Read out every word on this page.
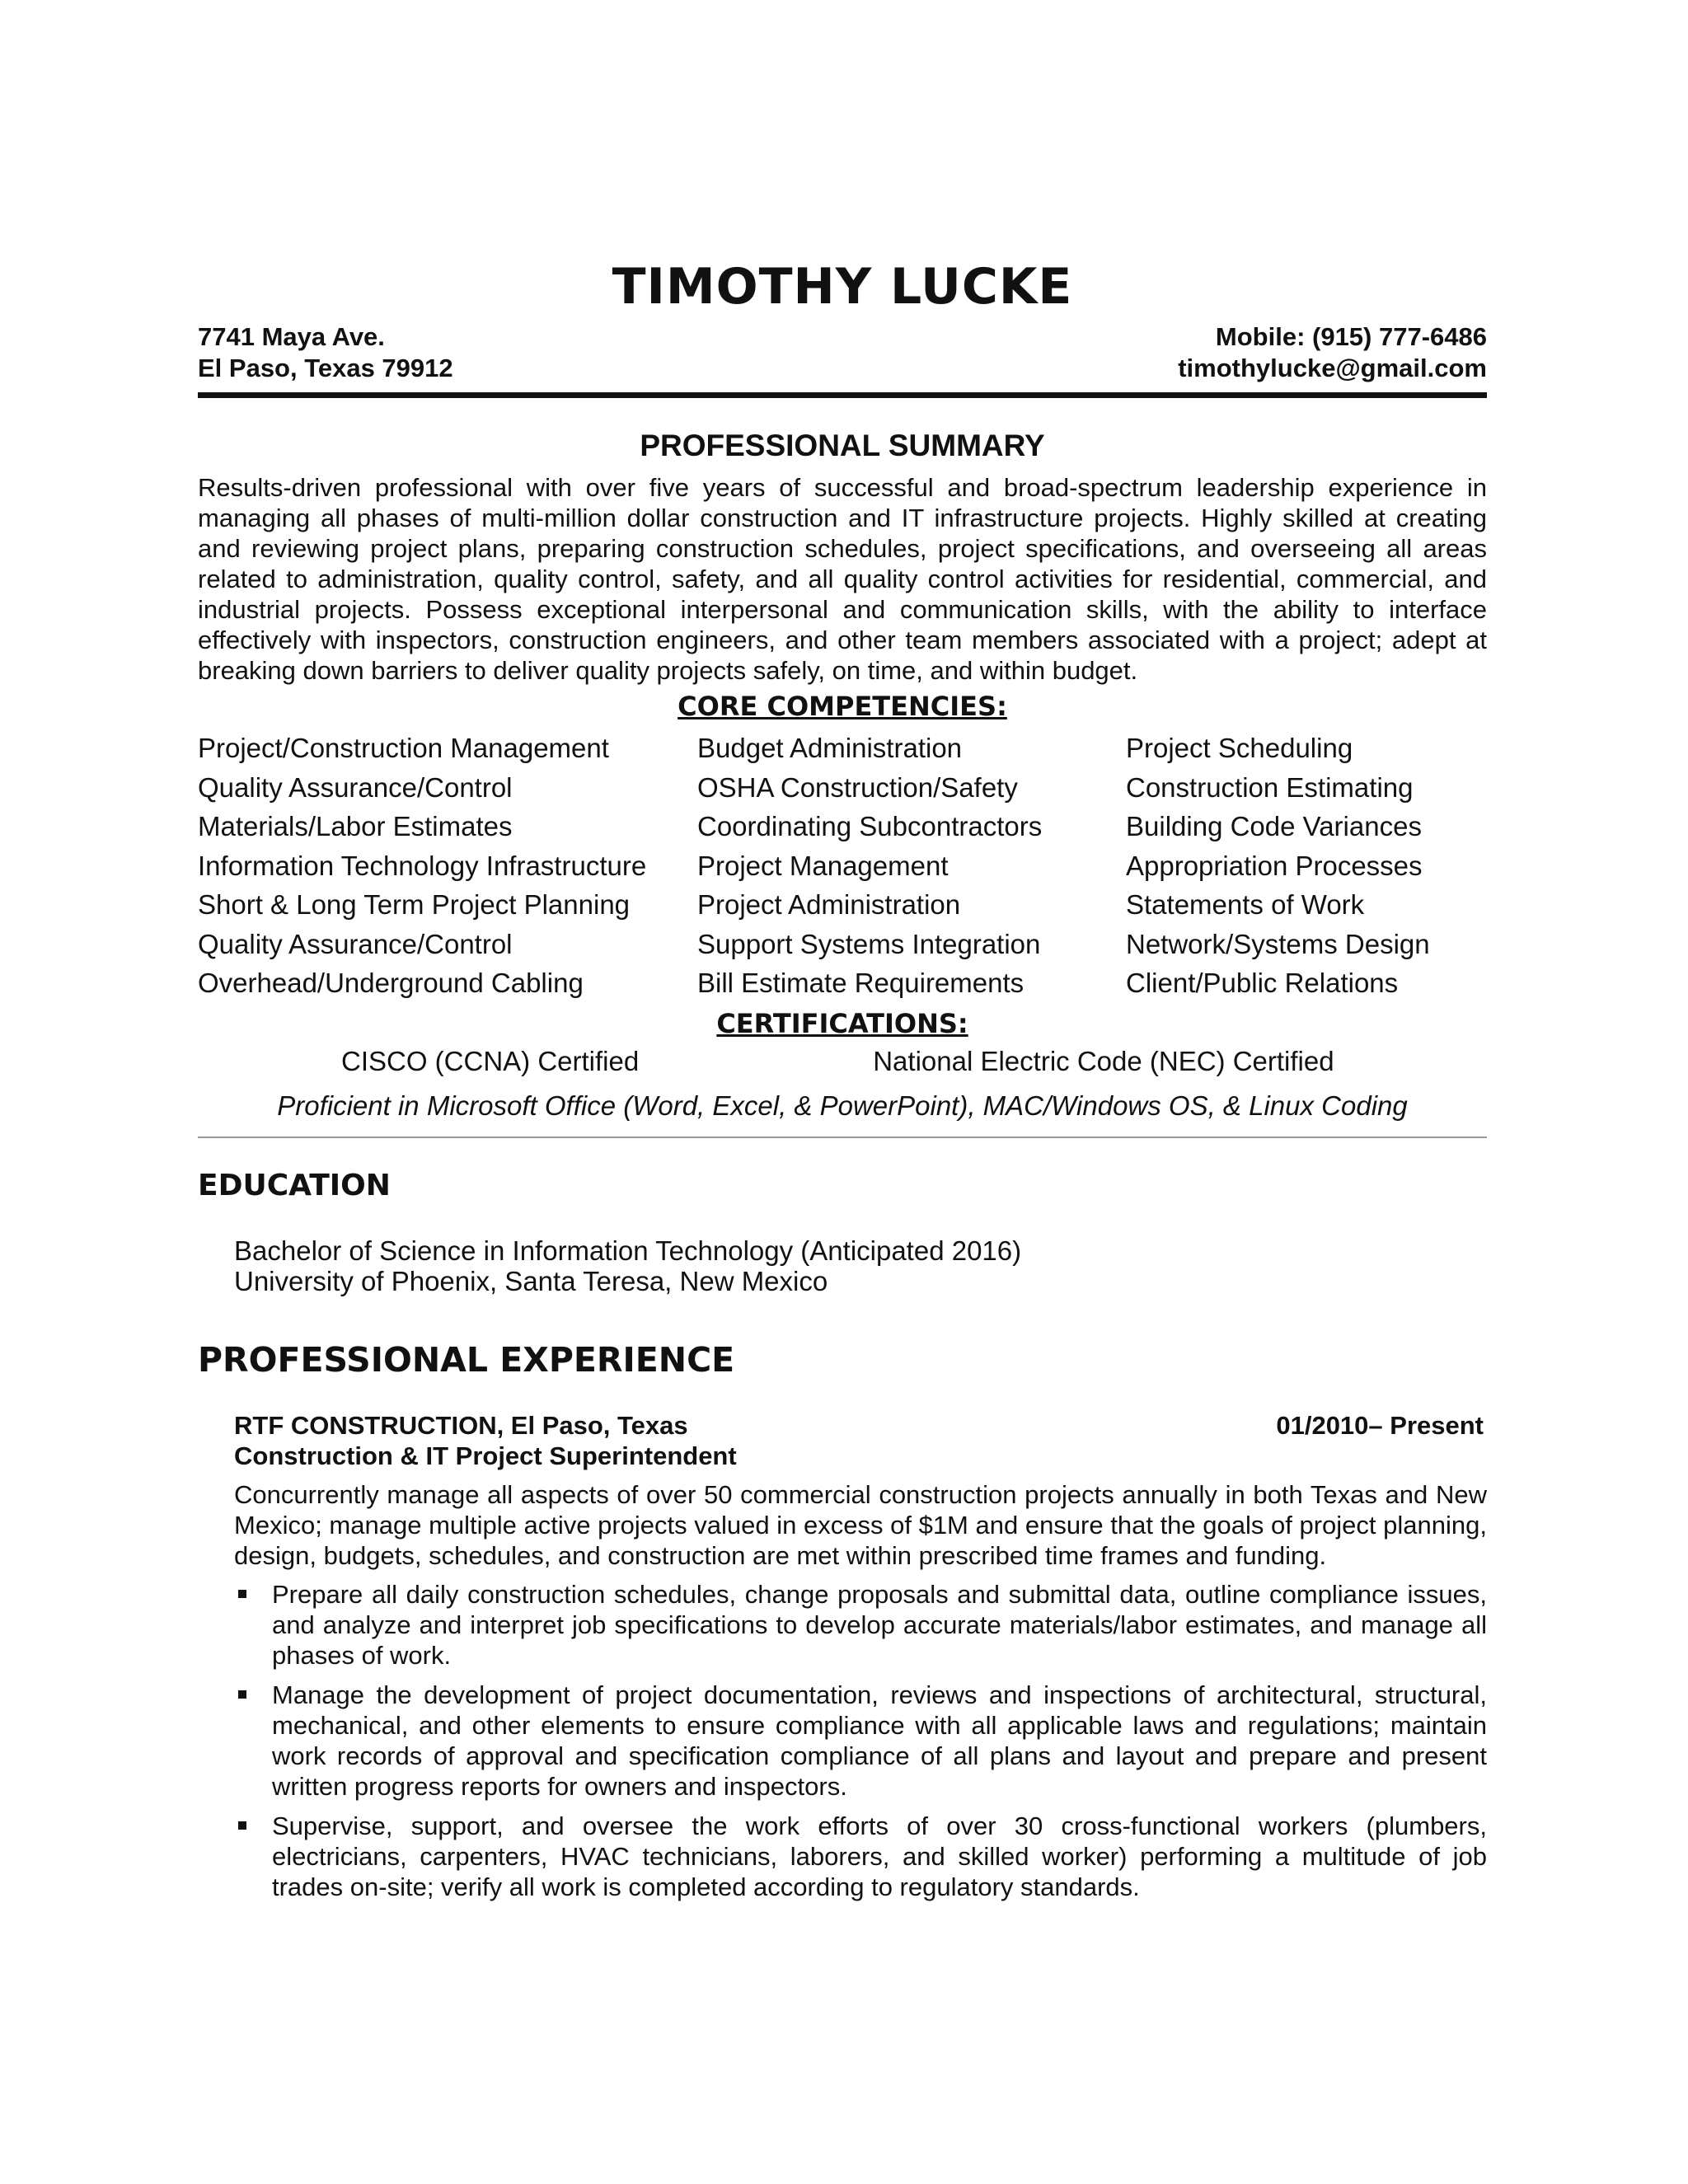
TIMOTHY LUCKE
7741 Maya Ave.
El Paso, Texas 79912
Mobile: (915) 777-6486
timothylucke@gmail.com
PROFESSIONAL SUMMARY
Results-driven professional with over five years of successful and broad-spectrum leadership experience in managing all phases of multi-million dollar construction and IT infrastructure projects. Highly skilled at creating and reviewing project plans, preparing construction schedules, project specifications, and overseeing all areas related to administration, quality control, safety, and all quality control activities for residential, commercial, and industrial projects. Possess exceptional interpersonal and communication skills, with the ability to interface effectively with inspectors, construction engineers, and other team members associated with a project; adept at breaking down barriers to deliver quality projects safely, on time, and within budget.
CORE COMPETENCIES:
Project/Construction Management	Budget Administration	Project Scheduling
Quality Assurance/Control	OSHA Construction/Safety	Construction Estimating
Materials/Labor Estimates	Coordinating Subcontractors	Building Code Variances
Information Technology Infrastructure	Project Management	Appropriation Processes
Short & Long Term Project Planning	Project Administration	Statements of Work
Quality Assurance/Control	Support Systems Integration	Network/Systems Design
Overhead/Underground Cabling	Bill Estimate Requirements	Client/Public Relations
CERTIFICATIONS:
CISCO (CCNA) Certified	National Electric Code (NEC) Certified
Proficient in Microsoft Office (Word, Excel, & PowerPoint), MAC/Windows OS, & Linux Coding
EDUCATION
Bachelor of Science in Information Technology (Anticipated 2016)
University of Phoenix, Santa Teresa, New Mexico
PROFESSIONAL EXPERIENCE
RTF CONSTRUCTION, El Paso, Texas	01/2010– Present
Construction & IT Project Superintendent
Concurrently manage all aspects of over 50 commercial construction projects annually in both Texas and New Mexico; manage multiple active projects valued in excess of $1M and ensure that the goals of project planning, design, budgets, schedules, and construction are met within prescribed time frames and funding.
Prepare all daily construction schedules, change proposals and submittal data, outline compliance issues, and analyze and interpret job specifications to develop accurate materials/labor estimates, and manage all phases of work.
Manage the development of project documentation, reviews and inspections of architectural, structural, mechanical, and other elements to ensure compliance with all applicable laws and regulations; maintain work records of approval and specification compliance of all plans and layout and prepare and present written progress reports for owners and inspectors.
Supervise, support, and oversee the work efforts of over 30 cross-functional workers (plumbers, electricians, carpenters, HVAC technicians, laborers, and skilled worker) performing a multitude of job trades on-site; verify all work is completed according to regulatory standards.
